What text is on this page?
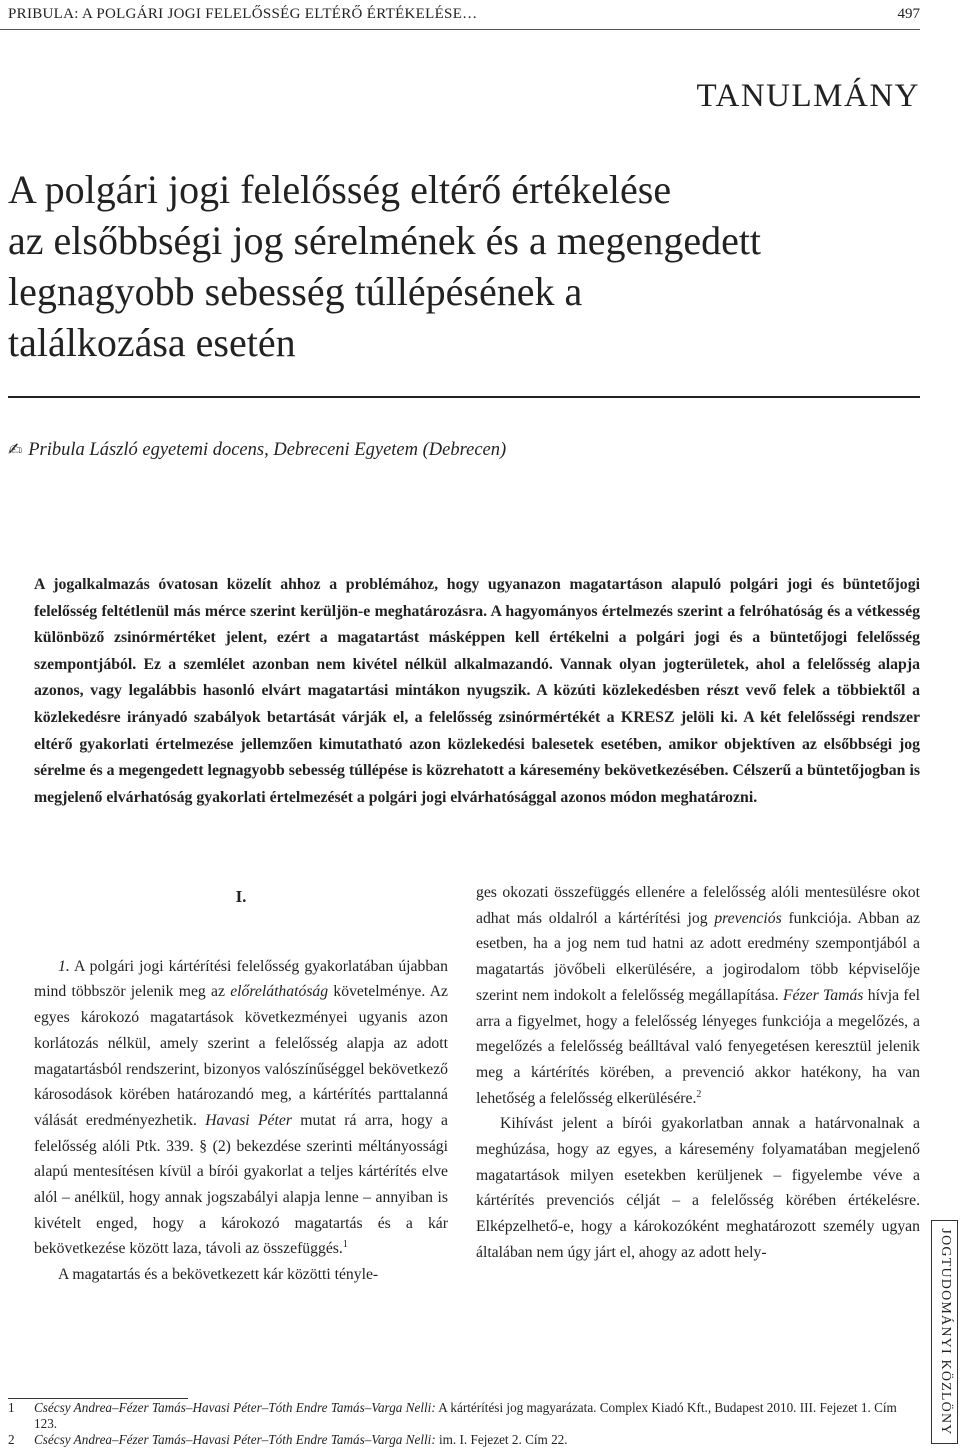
PRIBULA: A POLGÁRI JOGI FELELŐSSÉG ELTÉRŐ ÉRTÉKELÉSE…	497
TANULMÁNY
A polgári jogi felelősség eltérő értékelése
az elsőbbségi jog sérelmének és a megengedett
legnagyobb sebesség túllépésének a
találkozása esetén
✍ Pribula László egyetemi docens, Debreceni Egyetem (Debrecen)

A jogalkalmazás óvatosan közelít ahhoz a problémához, hogy ugyanazon magatartáson alapuló polgári jogi és büntetőjogi felelősség feltétlenül más mérce szerint kerüljön-e meghatározásra. A hagyományos értelmezés szerint a felróhatóság és a vétkesség különböző zsinórmértéket jelent, ezért a magatartást másképpen kell értékelni a polgári jogi és a büntetőjogi felelősség szempontjából. Ez a szemlélet azonban nem kivétel nélkül alkalmazandó. Vannak olyan jogterületek, ahol a felelősség alapja azonos, vagy legalábbis hasonló elvárt magatartási mintákon nyugszik. A közúti közlekedésben részt vevő felek a többiektől a közlekedésre irányadó szabályok betartását várják el, a felelősség zsinórmértékét a KRESZ jelöli ki. A két felelősségi rendszer eltérő gyakorlati értelmezése jellemzően kimutatható azon közlekedési balesetek esetében, amikor objektíven az elsőbbségi jog sérelme és a megengedett legnagyobb sebesség túllépése is közrehatott a káresemény bekövetkezésében. Célszerű a büntetőjogban is megjelenő elvárhatóság gyakorlati értelmezését a polgári jogi elvárhatósággal azonos módon meghatározni.

I.

1. A polgári jogi kártérítési felelősség gyakorlatában újabban mind többször jelenik meg az előreláthatóság követelménye. Az egyes károkozó magatartások következményei ugyanis azon korlátozás nélkül, amely szerint a felelősség alapja az adott magatartásból rendszerint, bizonyos valószínűséggel bekövetkező károsodások körében határozandó meg, a kártérítés parttalanná válását eredményezhetik. Havasi Péter mutat rá arra, hogy a felelősség alóli Ptk. 339. § (2) bekezdése szerinti méltányossági alapú mentesítésen kívül a bírói gyakorlat a teljes kártérítés elve alól – anélkül, hogy annak jogszabályi alapja lenne – annyiban is kivételt enged, hogy a károkozó magatartás és a kár bekövetkezése között laza, távoli az összefüggés.$^1$

A magatartás és a bekövetkezett kár közötti ténylе-

ges okozati összefüggés ellenére a felelősség alóli mentesülésre okot adhat más oldalról a kártérítési jog prevenciós funkciója. Abban az esetben, ha a jog nem tud hatni az adott eredmény szempontjából a magatartás jövőbeli elkerülésére, a jogirodalom több képviselője szerint nem indokolt a felelősség megállapítása. Fézer Tamás hívja fel arra a figyelmet, hogy a felelősség lényeges funkciója a megelőzés, a megelőzés a felelősség beálltával való fenyegetésen keresztül jelenik meg a kártérítés körében, a prevenció akkor hatékony, ha van lehetőség a felelősség elkerülésére.$^2$

Kihívást jelent a bírói gyakorlatban annak a határvonalnak a meghúzása, hogy az egyes, a káresemény folyamatában megjelenő magatartások milyen esetekben kerüljenek – figyelembe véve a kártérítés prevenciós célját – a felelősség körében értékelésre. Elképzelhető-e, hogy a károkozóként meghatározott személy ugyan általában nem úgy járt el, ahogy az adott hely-

1	Csécsy Andrea–Fézer Tamás–Havasi Péter–Tóth Endre Tamás–Varga Nelli: A kártérítési jog magyarázata. Complex Kiadó Kft., Budapest 2010. III. Fejezet 1. Cím 123.

2	Csécsy Andrea–Fézer Tamás–Havasi Péter–Tóth Endre Tamás–Varga Nelli: im. I. Fejezet 2. Cím 22.

JOGTUDOMÁNYI KÖZLÖNY
